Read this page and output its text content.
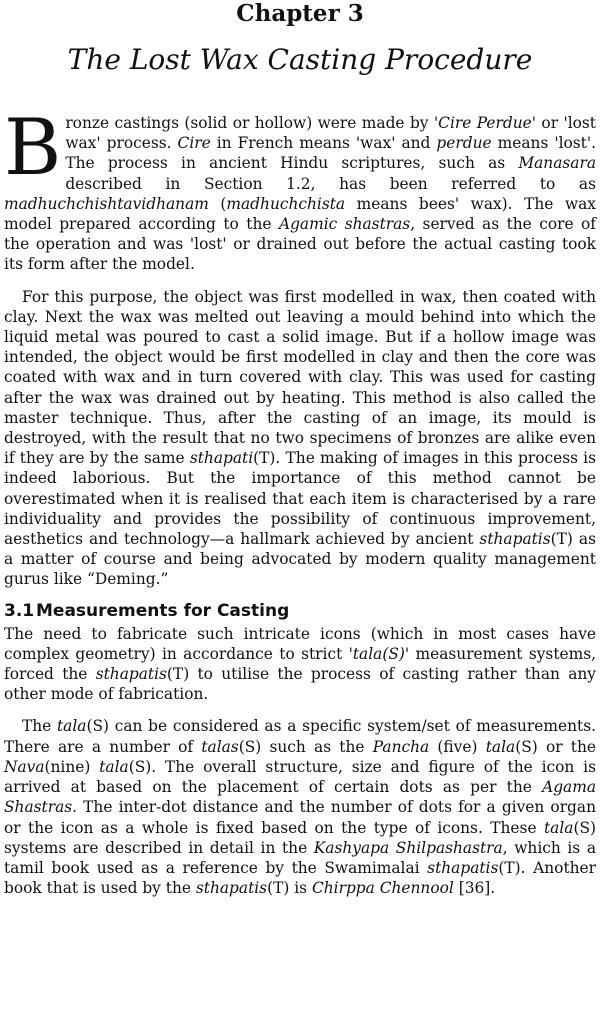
Chapter 3
The Lost Wax Casting Procedure

B ronze castings (solid or hollow) were made by 'Cire Perdue' or 'lost wax' process. Cire in French means 'wax' and perdue means 'lost'. The process in ancient Hindu scriptures, such as Manasara described in Section 1.2, has been referred to as madhuchchishtavidhanam (madhuchchista means bees' wax). The wax model prepared according to the Agamic shastras, served as the core of the operation and was 'lost' or drained out before the actual casting took its form after the model.

For this purpose, the object was first modelled in wax, then coated with clay. Next the wax was melted out leaving a mould behind into which the liquid metal was poured to cast a solid image. But if a hollow image was intended, the object would be first modelled in clay and then the core was coated with wax and in turn covered with clay. This was used for casting after the wax was drained out by heating. This method is also called the master technique. Thus, after the casting of an image, its mould is destroyed, with the result that no two specimens of bronzes are alike even if they are by the same sthapati(T). The making of images in this process is indeed laborious. But the importance of this method cannot be overestimated when it is realised that each item is characterised by a rare individuality and provides the possibility of continuous improvement, aesthetics and technology—a hallmark achieved by ancient sthapatis(T) as a matter of course and being advocated by modern quality management gurus like “Deming.”

3.1 Measurements for Casting

The need to fabricate such intricate icons (which in most cases have complex geometry) in accordance to strict 'tala(S)' measurement systems, forced the sthapatis(T) to utilise the process of casting rather than any other mode of fabrication.

The tala(S) can be considered as a specific system/set of measurements. There are a number of talas(S) such as the Pancha (five) tala(S) or the Nava(nine) tala(S). The overall structure, size and figure of the icon is arrived at based on the placement of certain dots as per the Agama Shastras. The inter-dot distance and the number of dots for a given organ or the icon as a whole is fixed based on the type of icons. These tala(S) systems are described in detail in the Kashyapa Shilpashastra, which is a tamil book used as a reference by the Swamimalai sthapatis(T). Another book that is used by the sthapatis(T) is Chirppa Chennool [36].
